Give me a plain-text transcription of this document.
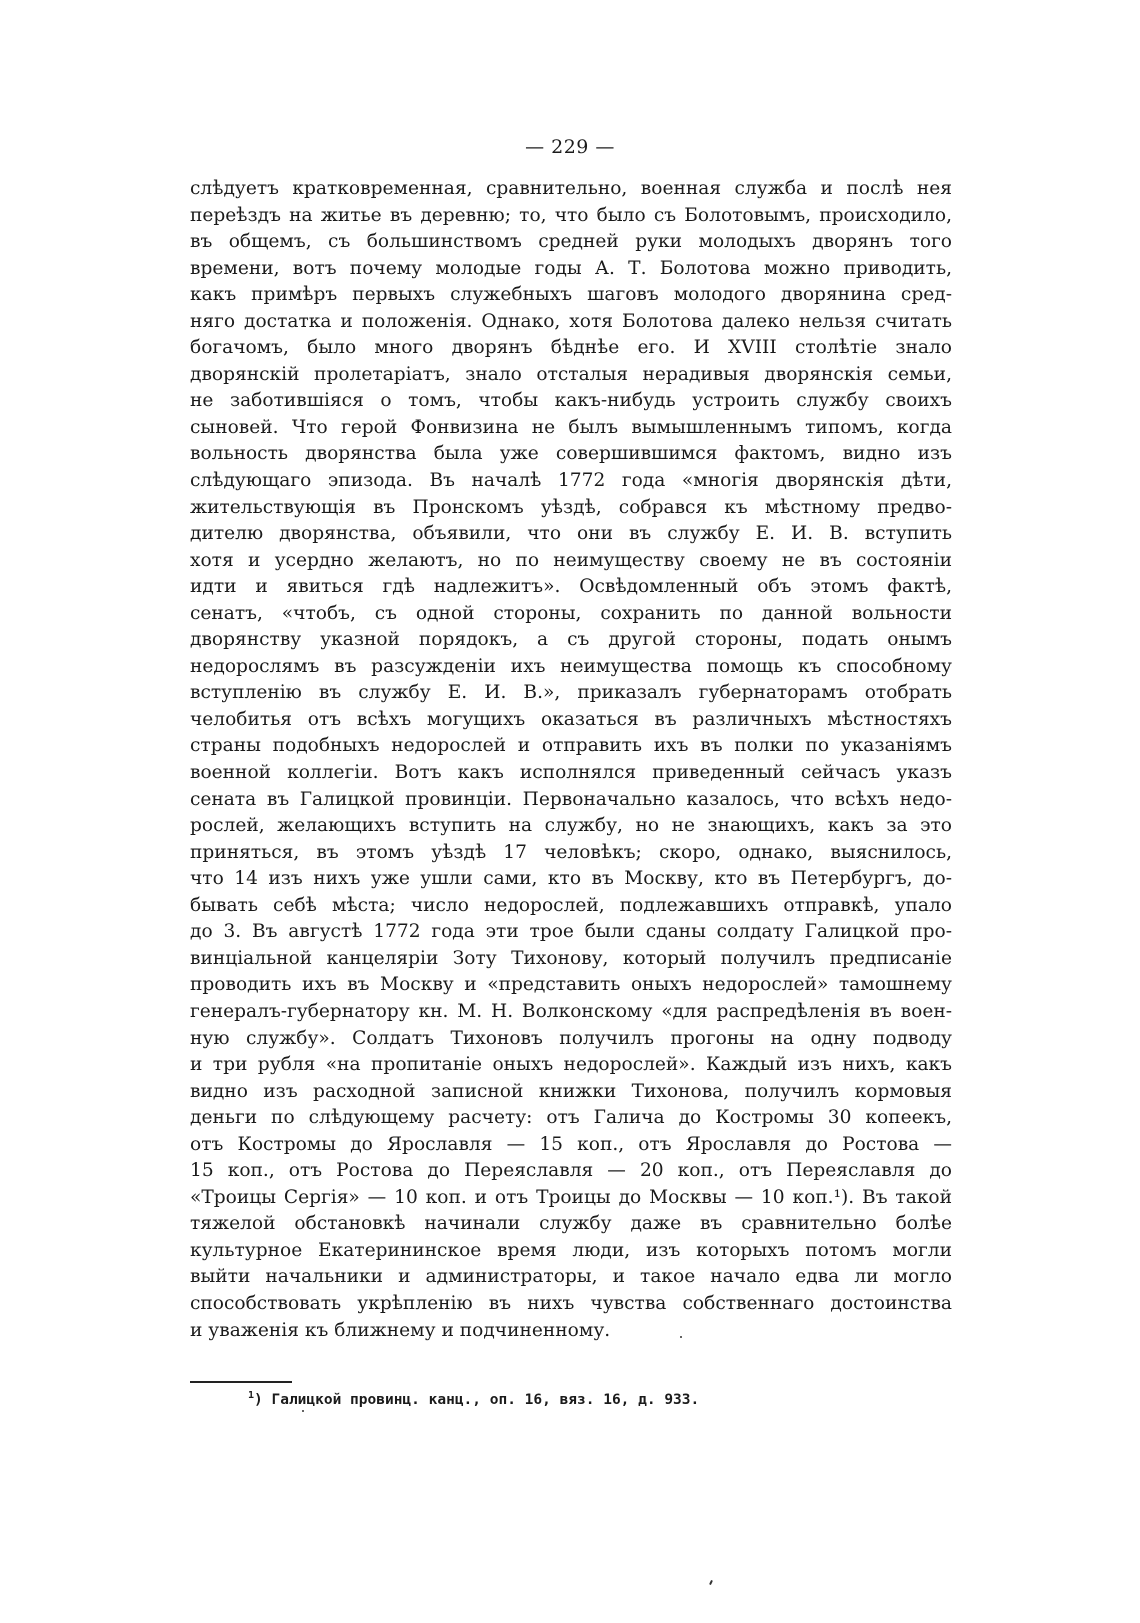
— 229 —
слѣдуетъ кратковременная, сравнительно, военная служба и послѣ нея
переѣздъ на житье въ деревню; то, что было съ Болотовымъ, происходило,
въ общемъ, съ большинствомъ средней руки молодыхъ дворянъ того
времени, вотъ почему молодые годы А. Т. Болотова можно приводить,
какъ примѣръ первыхъ служебныхъ шаговъ молодого дворянина сред-
няго достатка и положенія. Однако, хотя Болотова далеко нельзя считать
богачомъ, было много дворянъ бѣднѣе его. И XVIII столѣтіе знало
дворянскій пролетаріатъ, знало отсталыя нерадивыя дворянскія семьи,
не заботившіяся о томъ, чтобы какъ-нибудь устроить службу своихъ
сыновей. Что герой Фонвизина не былъ вымышленнымъ типомъ, когда
вольность дворянства была уже совершившимся фактомъ, видно изъ
слѣдующаго эпизода. Въ началѣ 1772 года «многія дворянскія дѣти,
жительствующія въ Пронскомъ уѣздѣ, собрався къ мѣстному предво-
дителю дворянства, объявили, что они въ службу Е. И. В. вступить
хотя и усердно желаютъ, но по неимуществу своему не въ состояніи
идти и явиться гдѣ надлежитъ». Освѣдомленный объ этомъ фактѣ,
сенатъ, «чтобъ, съ одной стороны, сохранить по данной вольности
дворянству указной порядокъ, а съ другой стороны, подать онымъ
недорослямъ въ разсужденіи ихъ неимущества помощь къ способному
вступленію въ службу Е. И. В.», приказалъ губернаторамъ отобрать
челобитья отъ всѣхъ могущихъ оказаться въ различныхъ мѣстностяхъ
страны подобныхъ недорослей и отправить ихъ въ полки по указаніямъ
военной коллегіи. Вотъ какъ исполнялся приведенный сейчасъ указъ
сената въ Галицкой провинціи. Первоначально казалось, что всѣхъ недо-
рослей, желающихъ вступить на службу, но не знающихъ, какъ за это
приняться, въ этомъ уѣздѣ 17 человѣкъ; скоро, однако, выяснилось,
что 14 изъ нихъ уже ушли сами, кто въ Москву, кто въ Петербургъ, до-
бывать себѣ мѣста; число недорослей, подлежавшихъ отправкѣ, упало
до 3. Въ августѣ 1772 года эти трое были сданы солдату Галицкой про-
винціальной канцеляріи Зоту Тихонову, который получилъ предписаніе
проводить ихъ въ Москву и «представить оныхъ недорослей» тамошнему
генералъ-губернатору кн. М. Н. Волконскому «для распредѣленія въ воен-
ную службу». Солдатъ Тихоновъ получилъ прогоны на одну подводу
и три рубля «на пропитаніе оныхъ недорослей». Каждый изъ нихъ, какъ
видно изъ расходной записной книжки Тихонова, получилъ кормовыя
деньги по слѣдующему расчету: отъ Галича до Костромы 30 копеекъ,
отъ Костромы до Ярославля — 15 коп., отъ Ярославля до Ростова —
15 коп., отъ Ростова до Переяславля — 20 коп., отъ Переяславля до
«Троицы Сергія» — 10 коп. и отъ Троицы до Москвы — 10 коп.¹). Въ такой
тяжелой обстановкѣ начинали службу даже въ сравнительно болѣе
культурное Екатерининское время люди, изъ которыхъ потомъ могли
выйти начальники и администраторы, и такое начало едва ли могло
способствовать укрѣпленію въ нихъ чувства собственнаго достоинства
и уваженія къ ближнему и подчиненному.
$^1$) Галицкой провинц. канц., оп. 16, вяз. 16, д. 933.
